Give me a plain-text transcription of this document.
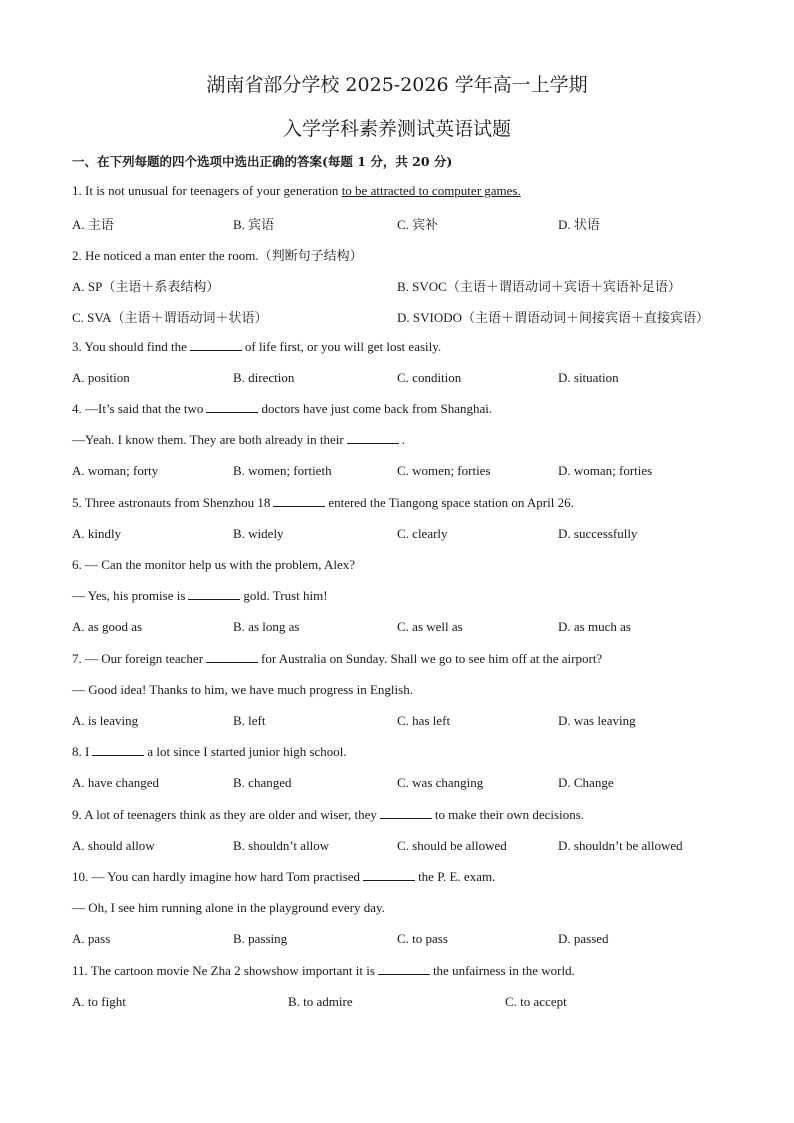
湖南省部分学校 2025-2026 学年高一上学期
入学学科素养测试英语试题
一、在下列每题的四个选项中选出正确的答案(每题 1 分，共 20 分)
1. It is not unusual for teenagers of your generation to be attracted to computer games.
A. 主语	B. 宾语	C. 宾补	D. 状语
2. He noticed a man enter the room.（判断句子结构）
A. SP（主语＋系表结构）	B. SVOC（主语＋谓语动词＋宾语＋宾语补足语）
C. SVA（主语＋谓语动词＋状语）	D. SVIODO（主语＋谓语动词＋间接宾语＋直接宾语）
3. You should find the	of life first, or you will get lost easily.
A. position	B. direction	C. condition	D. situation
4. —It’s said that the two	doctors have just come back from Shanghai.
—Yeah. I know them. They are both already in their	.
A. woman; forty	B. women; fortieth	C. women; forties	D. woman; forties
5. Three astronauts from Shenzhou 18	entered the Tiangong space station on April 26.
A. kindly	B. widely	C. clearly	D. successfully
6. — Can the monitor help us with the problem, Alex?
— Yes, his promise is	gold. Trust him!
A. as good as	B. as long as	C. as well as	D. as much as
7. — Our foreign teacher	for Australia on Sunday. Shall we go to see him off at the airport?
— Good idea! Thanks to him, we have much progress in English.
A. is leaving	B. left	C. has left	D. was leaving
8. I	a lot since I started junior high school.
A. have changed	B. changed	C. was changing	D. Change
9. A lot of teenagers think as they are older and wiser, they	to make their own decisions.
A. should allow	B. shouldn’t allow	C. should be allowed	D. shouldn’t be allowed
10. — You can hardly imagine how hard Tom practised	the P. E. exam.
— Oh, I see him running alone in the playground every day.
A. pass	B. passing	C. to pass	D. passed
11. The cartoon movie Ne Zha 2 showshow important it is	the unfairness in the world.
A. to fight	B. to admire	C. to accept
